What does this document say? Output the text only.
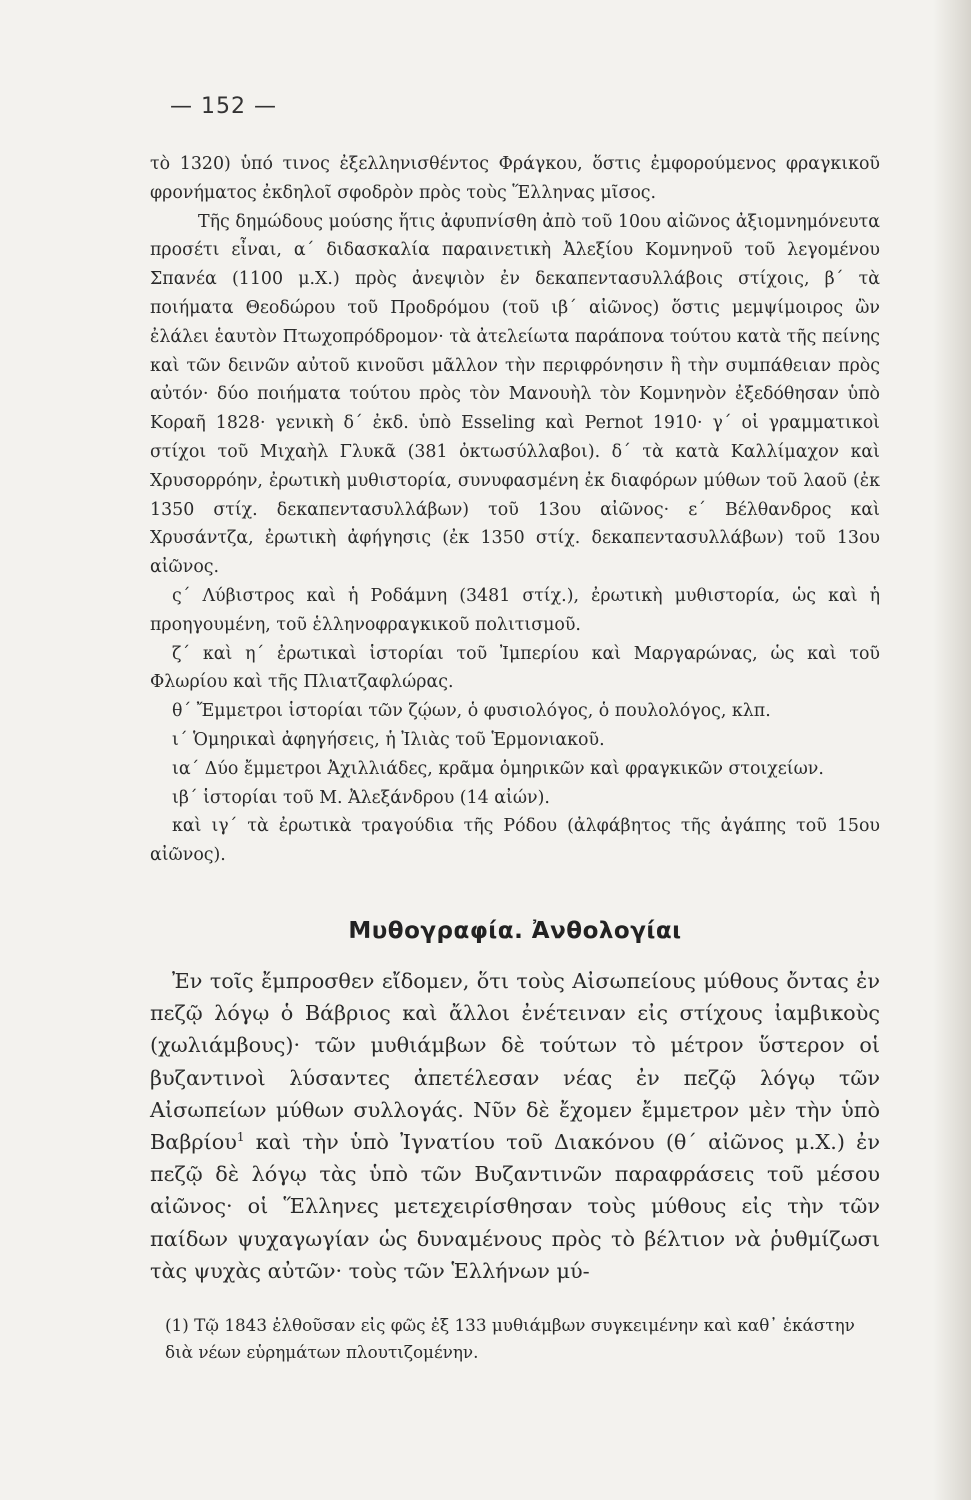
— 152 —

τὸ 1320) ὑπό τινος ἐξελληνισθέντος Φράγκου, ὅστις ἐμφορούμενος φραγκικοῦ φρονήματος ἐκδηλοῖ σφοδρὸν πρὸς τοὺς Ἕλληνας μῖσος.

Τῆς δημώδους μούσης ἥτις ἀφυπνίσθη ἀπὸ τοῦ 10ου αἰῶνος ἀξιομνημόνευτα προσέτι εἶναι, α΄ διδασκαλία παραινετικὴ Ἀλεξίου Κομνηνοῦ τοῦ λεγομένου Σπανέα (1100 μ.Χ.) πρὸς ἀνεψιὸν ἐν δεκαπεντασυλλάβοις στίχοις, β΄ τὰ ποιήματα Θεοδώρου τοῦ Προδρόμου (τοῦ ιβ΄ αἰῶνος) ὅστις μεμψίμοιρος ὢν ἐλάλει ἑαυτὸν Πτωχοπρόδρομον· τὰ ἀτελείωτα παράπονα τούτου κατὰ τῆς πείνης καὶ τῶν δεινῶν αὐτοῦ κινοῦσι μᾶλλον τὴν περιφρόνησιν ἢ τὴν συμπάθειαν πρὸς αὐτόν· δύο ποιήματα τούτου πρὸς τὸν Μανουὴλ τὸν Κομνηνὸν ἐξεδόθησαν ὑπὸ Κοραῆ 1828· γενικὴ δ΄ ἐκδ. ὑπὸ Esseling καὶ Pernot 1910· γ΄ οἱ γραμματικοὶ στίχοι τοῦ Μιχαὴλ Γλυκᾶ (381 ὀκτωσύλλαβοι). δ΄ τὰ κατὰ Καλλίμαχον καὶ Χρυσορρόην, ἐρωτικὴ μυθιστορία, συνυφασμένη ἐκ διαφόρων μύθων τοῦ λαοῦ (ἐκ 1350 στίχ. δεκαπεντασυλλάβων) τοῦ 13ου αἰῶνος· ε΄ Βέλθανδρος καὶ Χρυσάντζα, ἐρωτικὴ ἀφήγησις (ἐκ 1350 στίχ. δεκαπεντασυλλάβων) τοῦ 13ου αἰῶνος.

ς΄ Λύβιστρος καὶ ἡ Ροδάμνη (3481 στίχ.), ἐρωτικὴ μυθιστορία, ὡς καὶ ἡ προηγουμένη, τοῦ ἑλληνοφραγκικοῦ πολιτισμοῦ.

ζ΄ καὶ η΄ ἐρωτικαὶ ἱστορίαι τοῦ Ἰμπερίου καὶ Μαργαρώνας, ὡς καὶ τοῦ Φλωρίου καὶ τῆς Πλιατζαφλώρας.

θ΄ Ἔμμετροι ἱστορίαι τῶν ζῴων, ὁ φυσιολόγος, ὁ πουλολόγος, κλπ.

ι΄ Ὁμηρικαὶ ἀφηγήσεις, ἡ Ἰλιὰς τοῦ Ἑρμονιακοῦ.

ια΄ Δύο ἔμμετροι Ἀχιλλιάδες, κρᾶμα ὁμηρικῶν καὶ φραγκικῶν στοιχείων.

ιβ΄ ἱστορίαι τοῦ Μ. Ἀλεξάνδρου (14 αἰών).

καὶ ιγ΄ τὰ ἐρωτικὰ τραγούδια τῆς Ρόδου (ἀλφάβητος τῆς ἀγάπης τοῦ 15ου αἰῶνος).

Μυθογραφία. Ἀνθολογίαι

Ἐν τοῖς ἔμπροσθεν εἴδομεν, ὅτι τοὺς Αἰσωπείους μύθους ὄντας ἐν πεζῷ λόγῳ ὁ Βάβριος καὶ ἄλλοι ἐνέτειναν εἰς στίχους ἰαμβικοὺς (χωλιάμβους)· τῶν μυθιάμβων δὲ τούτων τὸ μέτρον ὕστερον οἱ βυζαντινοὶ λύσαντες ἀπετέλεσαν νέας ἐν πεζῷ λόγῳ τῶν Αἰσωπείων μύθων συλλογάς. Νῦν δὲ ἔχομεν ἔμμετρον μὲν τὴν ὑπὸ Βαβρίου$^1$ καὶ τὴν ὑπὸ Ἰγνατίου τοῦ Διακόνου (θ΄ αἰῶνος μ.Χ.) ἐν πεζῷ δὲ λόγῳ τὰς ὑπὸ τῶν Βυζαντινῶν παραφράσεις τοῦ μέσου αἰῶνος· οἱ Ἕλληνες μετεχειρίσθησαν τοὺς μύθους εἰς τὴν τῶν παίδων ψυχαγωγίαν ὡς δυναμένους πρὸς τὸ βέλτιον νὰ ῥυθμίζωσι τὰς ψυχὰς αὐτῶν· τοὺς τῶν Ἑλλήνων μύ-

(1) Τῷ 1843 ἐλθοῦσαν εἰς φῶς ἐξ 133 μυθιάμβων συγκειμένην καὶ καθ᾿ ἑκάστην διὰ νέων εὑρημάτων πλουτιζομένην.
